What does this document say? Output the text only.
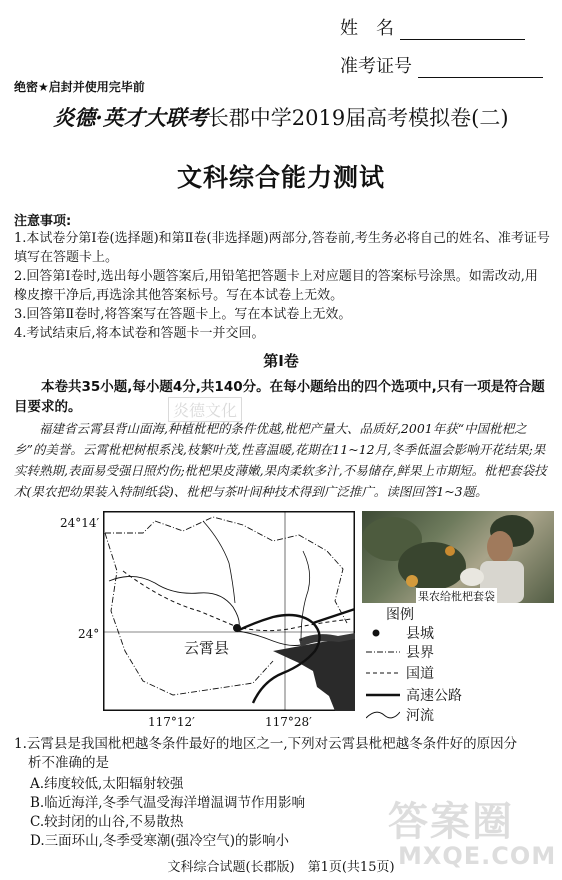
姓　名
准考证号
绝密★启封并使用完毕前
炎德·英才大联考长郡中学2019届高考模拟卷(二)
文科综合能力测试
注意事项:
1.本试卷分第Ⅰ卷(选择题)和第Ⅱ卷(非选择题)两部分,答卷前,考生务必将自己的姓名、准考证号填写在答题卡上。
2.回答第Ⅰ卷时,选出每小题答案后,用铅笔把答题卡上对应题目的答案标号涂黑。如需改动,用橡皮擦干净后,再选涂其他答案标号。写在本试卷上无效。
3.回答第Ⅱ卷时,将答案写在答题卡上。写在本试卷上无效。
4.考试结束后,将本试卷和答题卡一并交回。
第Ⅰ卷
本卷共35小题,每小题4分,共140分。在每小题给出的四个选项中,只有一项是符合题目要求的。
福建省云霄县背山面海,种植枇杷的条件优越,枇杷产量大、品质好,2001年获“中国枇杷之乡”的美誉。云霄枇杷树根系浅,枝繁叶茂,性喜温暖,花期在11~12月,冬季低温会影响开花结果;果实转熟期,表面易受强日照灼伤;枇杷果皮薄嫩,果肉柔软多汁,不易储存,鲜果上市期短。枇杷套袋技术(果农把幼果装入特制纸袋)、枇杷与茶叶间种技术得到广泛推广。读图回答1~3题。
炎德文化
24°14′
24°
117°12′	117°28′
云霄县
果农给枇杷套袋
图例
县城
县界
国道
高速公路
河流
1.云霄县是我国枇杷越冬条件最好的地区之一,下列对云霄县枇杷越冬条件好的原因分
析不准确的是
A.纬度较低,太阳辐射较强
B.临近海洋,冬季气温受海洋增温调节作用影响
C.较封闭的山谷,不易散热
D.三面环山,冬季受寒潮(强冷空气)的影响小 答案圈
MXQE.COM
文科综合试题(长郡版)　第1页(共15页)
